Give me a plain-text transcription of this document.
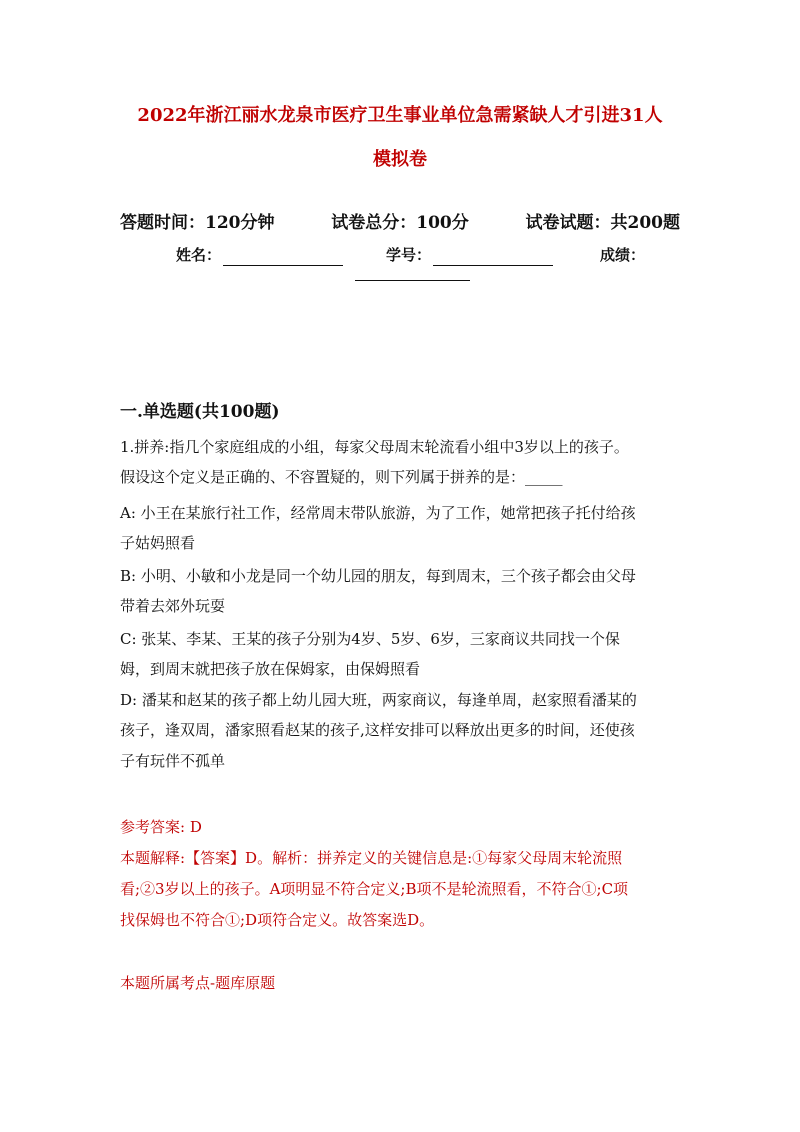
2022年浙江丽水龙泉市医疗卫生事业单位急需紧缺人才引进31人
模拟卷
答题时间：120分钟	试卷总分：100分	试卷试题：共200题
姓名：	学号：	成绩：
一.单选题(共100题)
1.拼养:指几个家庭组成的小组，每家父母周末轮流看小组中3岁以上的孩子。
假设这个定义是正确的、不容置疑的，则下列属于拼养的是：_____
A: 小王在某旅行社工作，经常周末带队旅游，为了工作，她常把孩子托付给孩
子姑妈照看
B: 小明、小敏和小龙是同一个幼儿园的朋友，每到周末，三个孩子都会由父母
带着去郊外玩耍
C: 张某、李某、王某的孩子分别为4岁、5岁、6岁，三家商议共同找一个保
姆，到周末就把孩子放在保姆家，由保姆照看
D: 潘某和赵某的孩子都上幼儿园大班，两家商议，每逢单周，赵家照看潘某的
孩子，逢双周，潘家照看赵某的孩子,这样安排可以释放出更多的时间，还使孩
子有玩伴不孤单
参考答案: D
本题解释:【答案】D。解析：拼养定义的关键信息是:①每家父母周末轮流照
看;②3岁以上的孩子。A项明显不符合定义;B项不是轮流照看，不符合①;C项
找保姆也不符合①;D项符合定义。故答案选D。
本题所属考点-题库原题
